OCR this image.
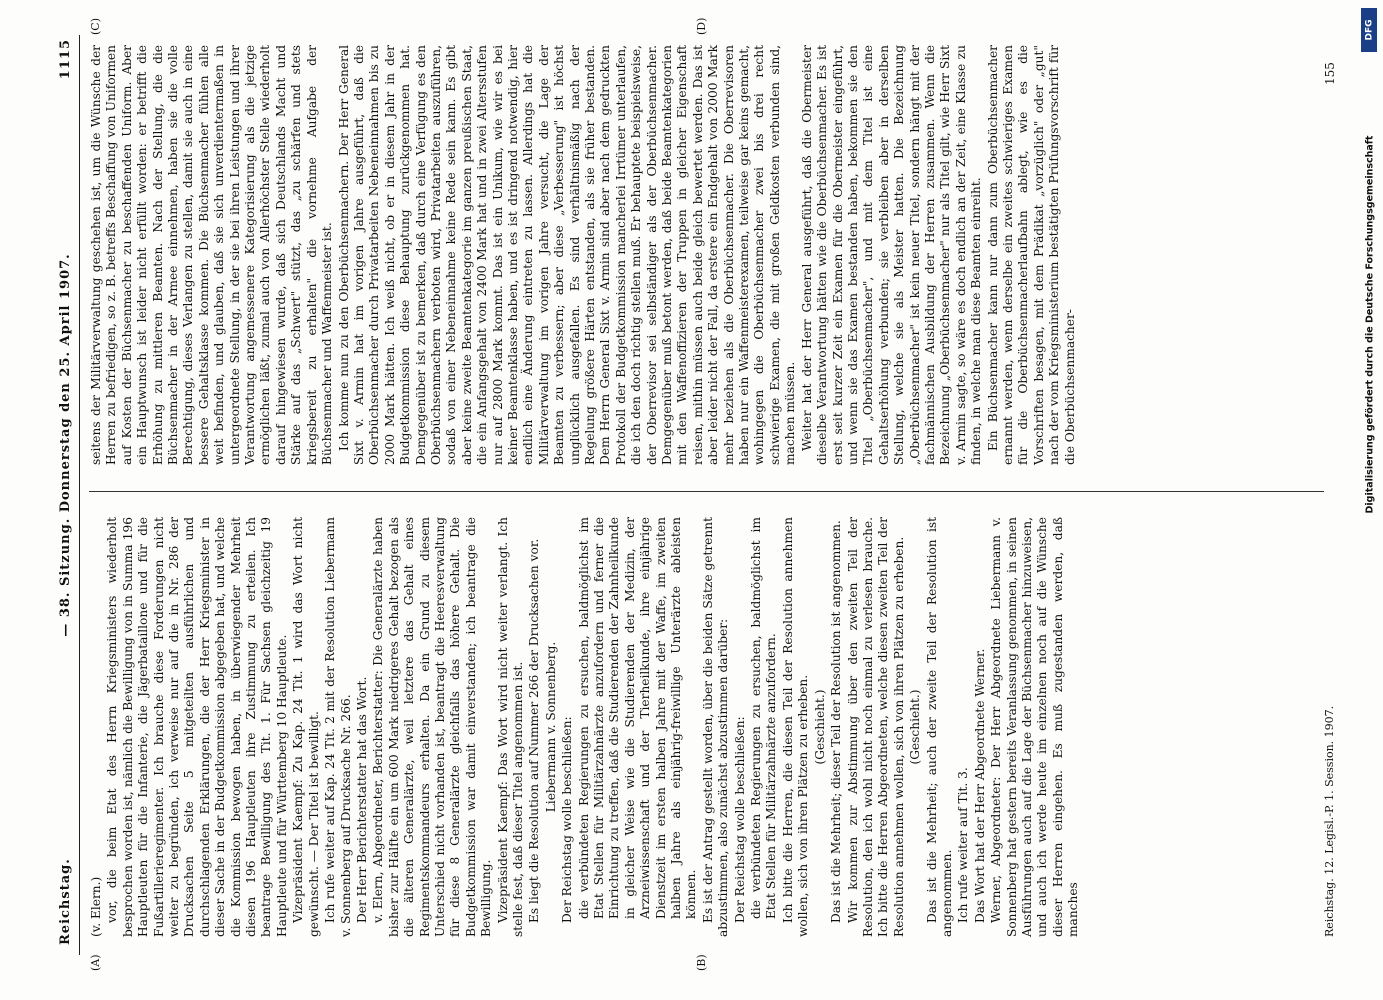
Reichstag.
— 38. Sitzung. Donnerstag den 25. April 1907.
1115
(A)	(B)
(C)	(D)

(v. Elern.) vor, die beim Etat des Herrn Kriegsministers wiederholt besprochen worden ist, nämlich die Bewilligung von in Summa 196 Hauptleuten für die Infanterie, die Jägerbataillone und für die Fußartillerieregimenter. Ich brauche diese Forderungen nicht weiter zu begründen, ich verweise nur auf die in Nr. 286 der Drucksachen Seite 5 mitgeteilten ausführlichen und durchschlagenden Erklärungen, die der Herr Kriegsminister in dieser Sache in der Budgetkommission abgegeben hat, und welche die Kommission bewogen haben, in überwiegender Mehrheit diesen 196 Hauptleuten ihre Zustimmung zu erteilen. Ich beantrage Bewilligung des Tit. 1. Für Sachsen gleichzeitig 19 Hauptleute und für Württemberg 10 Hauptleute. Vizepräsident Kaempf: Zu Kap. 24 Tit. 1 wird das Wort nicht gewünscht. — Der Titel ist bewilligt. Ich rufe weiter auf Kap. 24 Tit. 2 mit der Resolution Liebermann v. Sonnenberg auf Drucksache Nr. 266. Der Herr Berichterstatter hat das Wort. v. Elern, Abgeordneter, Berichterstatter: Die Generalärzte haben bisher zur Hälfte ein um 600 Mark niedrigeres Gehalt bezogen als die älteren Generalärzte, weil letztere das Gehalt eines Regimentskommandeurs erhalten. Da ein Grund zu diesem Unterschied nicht vorhanden ist, beantragt die Heeresverwaltung für diese 8 Generalärzte gleichfalls das höhere Gehalt. Die Budgetkommission war damit einverstanden; ich beantrage die Bewilligung. Vizepräsident Kaempf: Das Wort wird nicht weiter verlangt. Ich stelle fest, daß dieser Titel angenommen ist. Es liegt die Resolution auf Nummer 266 der Drucksachen vor. Liebermann v. Sonnenberg. Der Reichstag wolle beschließen: die verbündeten Regierungen zu ersuchen, baldmöglichst im Etat Stellen für Militärzahnärzte anzufordern und ferner die Einrichtung zu treffen, daß die Studierenden der Zahnheilkunde in gleicher Weise wie die Studierenden der Medizin, der Arzneiwissenschaft und der Tierheilkunde, ihre einjährige Dienstzeit im ersten halben Jahre mit der Waffe, im zweiten halben Jahre als einjährig-freiwillige Unterärzte ableisten können. Es ist der Antrag gestellt worden, über die beiden Sätze getrennt abzustimmen, also zunächst abzustimmen darüber: Der Reichstag wolle beschließen: die verbündeten Regierungen zu ersuchen, baldmöglichst im Etat Stellen für Militärzahnärzte anzufordern. Ich bitte die Herren, die diesen Teil der Resolution annehmen wollen, sich von ihren Plätzen zu erheben. (Geschieht.) Das ist die Mehrheit; dieser Teil der Resolution ist angenommen. Wir kommen zur Abstimmung über den zweiten Teil der Resolution, den ich wohl nicht noch einmal zu verlesen brauche. Ich bitte die Herren Abgeordneten, welche diesen zweiten Teil der Resolution annehmen wollen, sich von ihren Plätzen zu erheben. (Geschieht.) Das ist die Mehrheit; auch der zweite Teil der Resolution ist angenommen. Ich rufe weiter auf Tit. 3. Das Wort hat der Herr Abgeordnete Werner. Werner, Abgeordneter: Der Herr Abgeordnete Liebermann v. Sonnenberg hat gestern bereits Veranlassung genommen, in seinen Ausführungen auch auf die Lage der Büchsenmacher hinzuweisen, und auch ich werde heute im einzelnen noch auf die Wünsche dieser Herren eingehen. Es muß zugestanden werden, daß manches

seitens der Militärverwaltung geschehen ist, um die Wünsche der Herren zu befriedigen, so z. B. betreffs Beschaffung von Uniformen auf Kosten der Büchsenmacher zu beschaffenden Uniform. Aber ein Hauptwunsch ist leider nicht erfüllt worden: er betrifft die Erhöhung zu mittleren Beamten. Nach der Stellung, die die Büchsenmacher in der Armee einnehmen, haben sie die volle Berechtigung, dieses Verlangen zu stellen, damit sie auch in eine bessere Gehaltsklasse kommen. Die Büchsenmacher fühlen alle weit befinden, und glauben, daß sie sich unverdientermaßen in untergeordnete Stellung, in der sie bei ihren Leistungen und ihrer Verantwortung angemessenere Kategorisierung als die jetzige ermöglichen läßt, zumal auch von Allerhöchster Stelle wiederholt darauf hingewiesen wurde, daß sich Deutschlands Macht und Stärke auf das „Schwert" stützt, das „zu schärfen und stets kriegsbereit zu erhalten" die vornehme Aufgabe der Büchsenmacher und Waffenmeister ist. Ich komme nun zu den Oberbüchsenmachern. Der Herr General Sixt v. Armin hat im vorigen Jahre ausgeführt, daß die Oberbüchsenmacher durch Privatarbeiten Nebeneinnahmen bis zu 2000 Mark hätten. Ich weiß nicht, ob er in diesem Jahr in der Budgetkommission diese Behauptung zurückgenommen hat. Demgegenüber ist zu bemerken, daß durch eine Verfügung es den Oberbüchsenmachern verboten wird, Privatarbeiten auszuführen, sodaß von einer Nebeneinnahme keine Rede sein kann. Es gibt aber keine zweite Beamtenkategorie im ganzen preußischen Staat, die ein Anfangsgehalt von 2400 Mark hat und in zwei Altersstufen nur auf 2800 Mark kommt. Das ist ein Unikum, wie wir es bei keiner Beamtenklasse haben, und es ist dringend notwendig, hier endlich eine Änderung eintreten zu lassen. Allerdings hat die Militärverwaltung im vorigen Jahre versucht, die Lage der Beamten zu verbessern; aber diese „Verbesserung" ist höchst unglücklich ausgefallen. Es sind verhältnismäßig nach der Regelung größere Härten entstanden, als sie früher bestanden. Dem Herrn General Sixt v. Armin sind aber nach dem gedruckten Protokoll der Budgetkommission mancherlei Irrtümer unterlaufen, die ich den doch richtig stellen muß. Er behauptete beispielsweise, der Oberrevisor sei selbständiger als der Oberbüchsenmacher. Demgegenüber muß betont werden, daß beide Beamtenkategorien mit den Waffenoffizieren der Truppen in gleicher Eigenschaft reisen, mithin müssen auch beide gleich bewertet werden. Das ist aber leider nicht der Fall, da erstere ein Endgehalt von 2000 Mark mehr beziehen als die Oberbüchsenmacher. Die Oberrevisoren haben nur ein Waffenmeisterexamen, teilweise gar keins gemacht, wohingegen die Oberbüchsenmacher zwei bis drei recht schwierige Examen, die mit großen Geldkosten verbunden sind, machen müssen. Weiter hat der Herr General ausgeführt, daß die Obermeister dieselbe Verantwortung hätten wie die Oberbüchsenmacher. Es ist erst seit kurzer Zeit ein Examen für die Obermeister eingeführt, und wenn sie das Examen bestanden haben, bekommen sie den Titel „Oberbüchsenmacher", und mit dem Titel ist eine Gehaltserhöhung verbunden; sie verbleiben aber in derselben Stellung, welche sie als Meister hatten. Die Bezeichnung „Oberbüchsenmacher" ist kein neuer Titel, sondern hängt mit der fachmännischen Ausbildung der Herren zusammen. Wenn die Bezeichnung „Oberbüchsenmacher" nur als Titel gilt, wie Herr Sixt v. Armin sagte, so wäre es doch endlich an der Zeit, eine Klasse zu finden, in welche man diese Beamten einreiht. Ein Büchsenmacher kann nur dann zum Oberbüchsenmacher ernannt werden, wenn derselbe ein zweites schwieriges Examen für die Oberbüchsenmacherlaufbahn ablegt, wie es die Vorschriften besagen, mit dem Prädikat „vorzüglich" oder „gut" nach der vom Kriegsministerium bestätigten Prüfungsvorschrift für die Oberbüchsenmacher-

Reichstag. 12. Legisl.-P. 1. Session. 1907.
155
DFG
Digitalisierung gefördert durch die Deutsche Forschungsgemeinschaft
